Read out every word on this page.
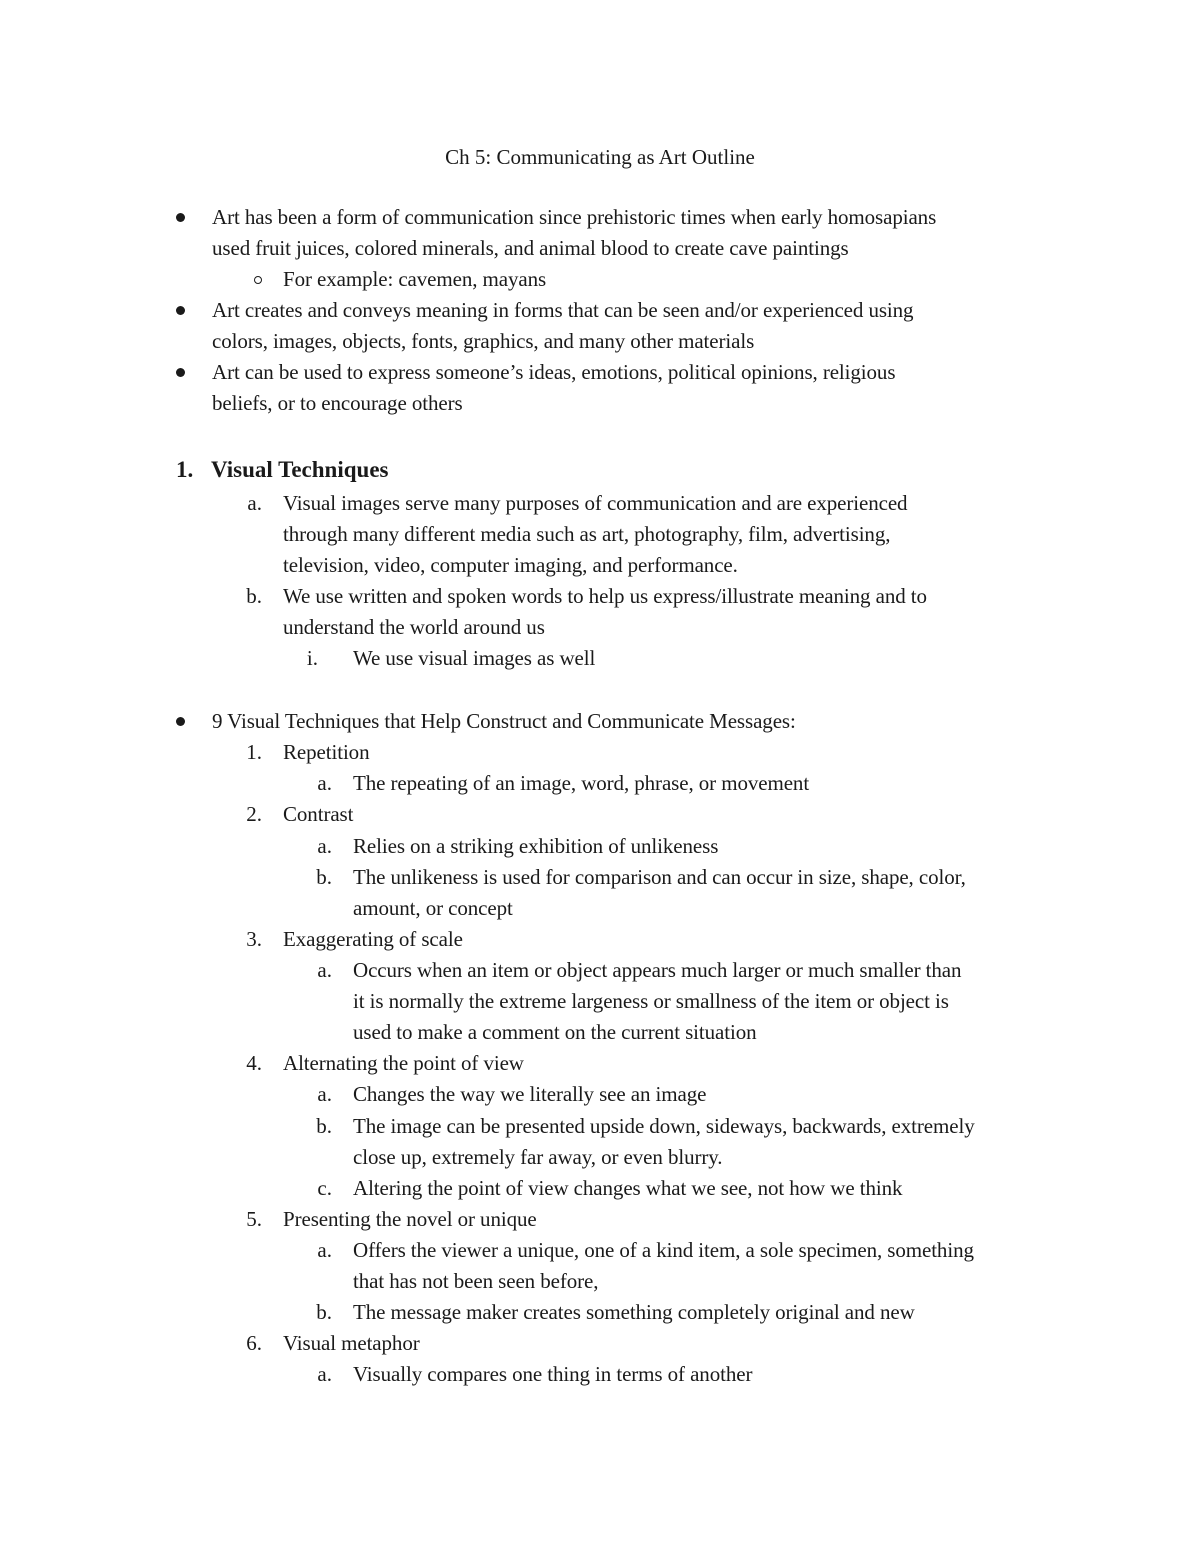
Ch 5: Communicating as Art Outline
Art has been a form of communication since prehistoric times when early homosapians
used fruit juices, colored minerals, and animal blood to create cave paintings
For example: cavemen, mayans
Art creates and conveys meaning in forms that can be seen and/or experienced using
colors, images, objects, fonts, graphics, and many other materials
Art can be used to express someone’s ideas, emotions, political opinions, religious
beliefs, or to encourage others
1. Visual Techniques
a. Visual images serve many purposes of communication and are experienced
through many different media such as art, photography, film, advertising,
television, video, computer imaging, and performance.
b. We use written and spoken words to help us express/illustrate meaning and to
understand the world around us
i. We use visual images as well
9 Visual Techniques that Help Construct and Communicate Messages:
1. Repetition
a. The repeating of an image, word, phrase, or movement
2. Contrast
a. Relies on a striking exhibition of unlikeness
b. The unlikeness is used for comparison and can occur in size, shape, color,
amount, or concept
3. Exaggerating of scale
a. Occurs when an item or object appears much larger or much smaller than
it is normally the extreme largeness or smallness of the item or object is
used to make a comment on the current situation
4. Alternating the point of view
a. Changes the way we literally see an image
b. The image can be presented upside down, sideways, backwards, extremely
close up, extremely far away, or even blurry.
c. Altering the point of view changes what we see, not how we think
5. Presenting the novel or unique
a. Offers the viewer a unique, one of a kind item, a sole specimen, something
that has not been seen before,
b. The message maker creates something completely original and new
6. Visual metaphor
a. Visually compares one thing in terms of another
